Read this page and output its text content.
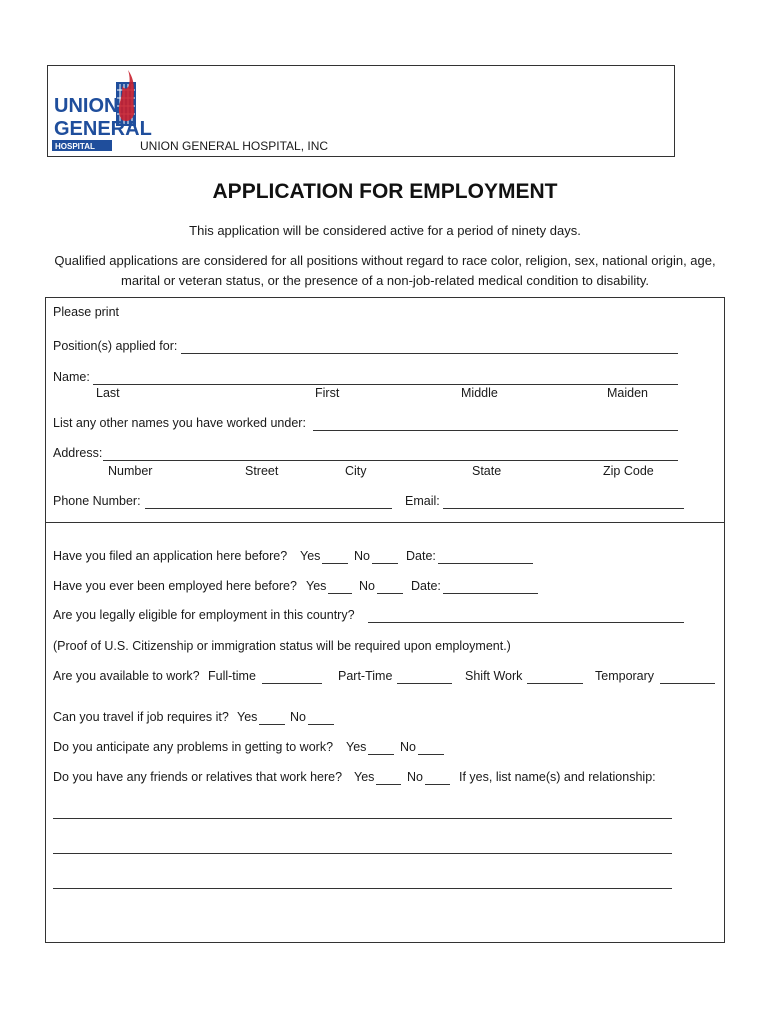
UNION
GENERAL
HOSPITAL	UNION GENERAL HOSPITAL, INC
APPLICATION FOR EMPLOYMENT
This application will be considered active for a period of ninety days.
Qualified applications are considered for all positions without regard to race color, religion, sex, national origin, age, marital or veteran status, or the presence of a non-job-related medical condition to disability.
Please print
Position(s) applied for:
Name:
Last	First	Middle	Maiden
List any other names you have worked under:
Address:
Number	Street	City	State	Zip Code
Phone Number:	Email:
Have you filed an application here before? Yes	No	Date:
Have you ever been employed here before? Yes	No	Date:
Are you legally eligible for employment in this country?
(Proof of U.S. Citizenship or immigration status will be required upon employment.)
Are you available to work? Full-time	Part-Time	Shift Work	Temporary
Can you travel if job requires it? Yes	No
Do you anticipate any problems in getting to work? Yes	No
Do you have any friends or relatives that work here? Yes	No	If yes, list name(s) and relationship:
